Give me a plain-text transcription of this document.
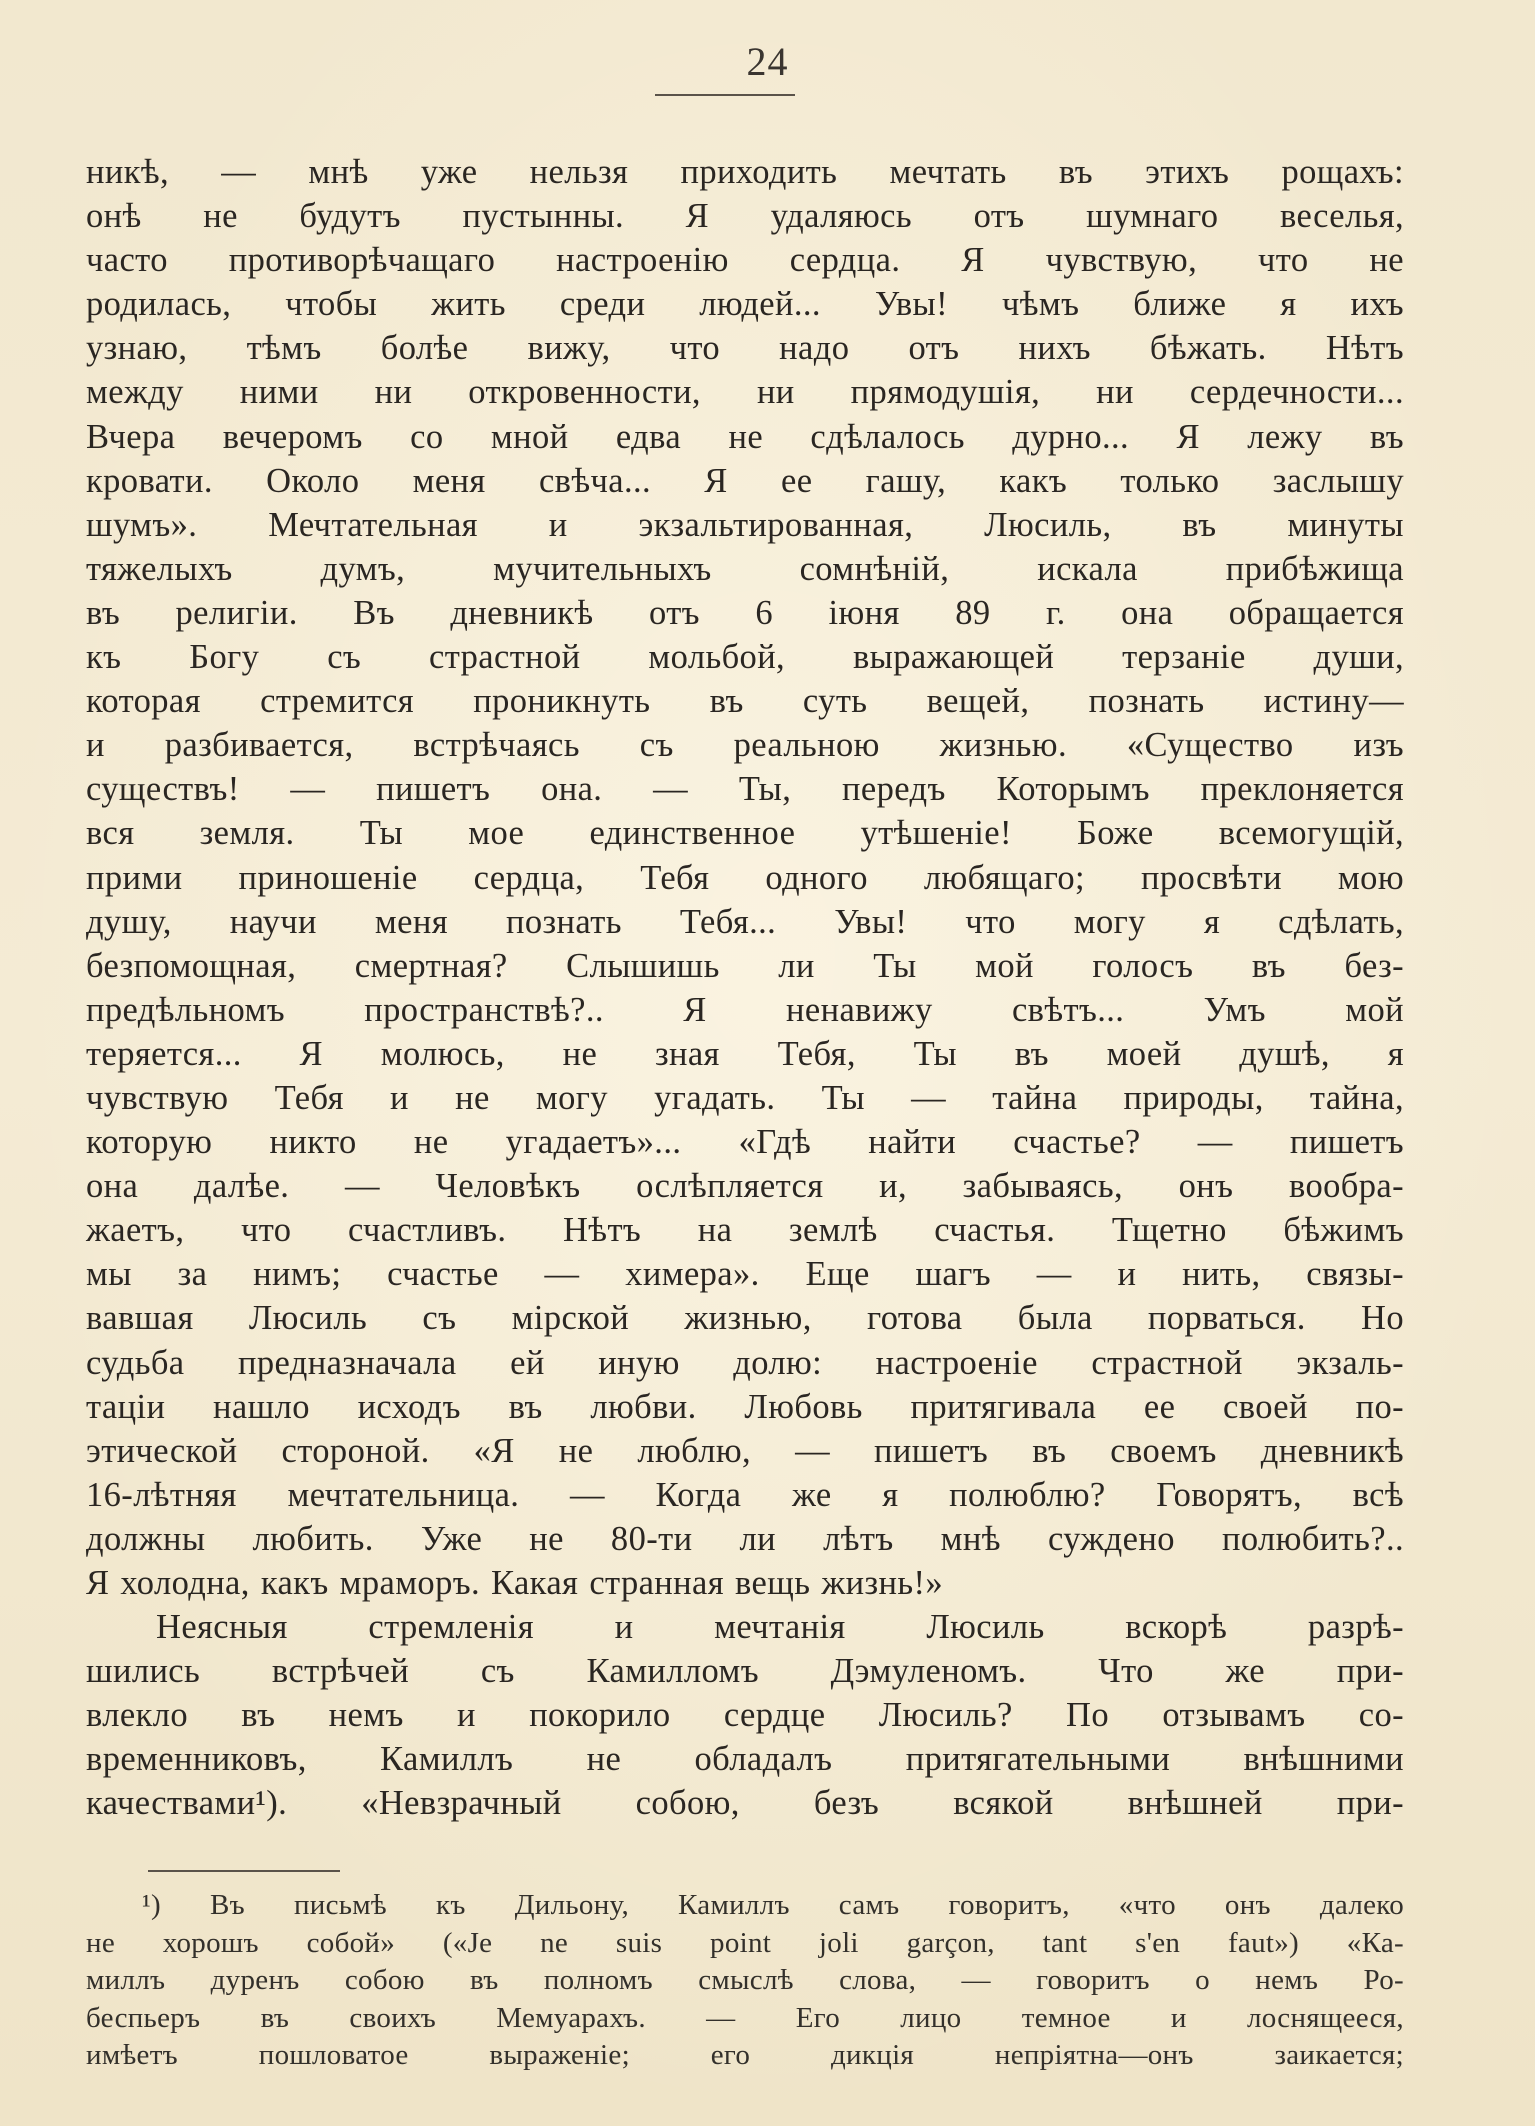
24
никѣ, — мнѣ уже нельзя приходить мечтать въ этихъ рощахъ:
онѣ не будутъ пустынны. Я удаляюсь отъ шумнаго веселья,
часто противорѣчащаго настроенію сердца. Я чувствую, что не
родилась, чтобы жить среди людей... Увы! чѣмъ ближе я ихъ
узнаю, тѣмъ болѣе вижу, что надо отъ нихъ бѣжать. Нѣтъ
между ними ни откровенности, ни прямодушія, ни сердечности...
Вчера вечеромъ со мной едва не сдѣлалось дурно... Я лежу въ
кровати. Около меня свѣча... Я ее гашу, какъ только заслышу
шумъ». Мечтательная и экзальтированная, Люсиль, въ минуты
тяжелыхъ думъ, мучительныхъ сомнѣній, искала прибѣжища
въ религіи. Въ дневникѣ отъ 6 іюня 89 г. она обращается
къ Богу съ страстной мольбой, выражающей терзаніе души,
которая стремится проникнуть въ суть вещей, познать истину—
и разбивается, встрѣчаясь съ реальною жизнью. «Существо изъ
существъ! — пишетъ она. — Ты, передъ Которымъ преклоняется
вся земля. Ты мое единственное утѣшеніе! Боже всемогущій,
прими приношеніе сердца, Тебя одного любящаго; просвѣти мою
душу, научи меня познать Тебя... Увы! что могу я сдѣлать,
безпомощная, смертная? Слышишь ли Ты мой голосъ въ без-
предѣльномъ пространствѣ?.. Я ненавижу свѣтъ... Умъ мой
теряется... Я молюсь, не зная Тебя, Ты въ моей душѣ, я
чувствую Тебя и не могу угадать. Ты — тайна природы, тайна,
которую никто не угадаетъ»... «Гдѣ найти счастье? — пишетъ
она далѣе. — Человѣкъ ослѣпляется и, забываясь, онъ вообра-
жаетъ, что счастливъ. Нѣтъ на землѣ счастья. Тщетно бѣжимъ
мы за нимъ; счастье — химера». Еще шагъ — и нить, связы-
вавшая Люсиль съ мірской жизнью, готова была порваться. Но
судьба предназначала ей иную долю: настроеніе страстной экзаль-
таціи нашло исходъ въ любви. Любовь притягивала ее своей по-
этической стороной. «Я не люблю, — пишетъ въ своемъ дневникѣ
16-лѣтняя мечтательница. — Когда же я полюблю? Говорятъ, всѣ
должны любить. Уже не 80-ти ли лѣтъ мнѣ суждено полюбить?..
Я холодна, какъ мраморъ. Какая странная вещь жизнь!»
Неясныя стремленія и мечтанія Люсиль вскорѣ разрѣ-
шились встрѣчей съ Камилломъ Дэмуленомъ. Что же при-
влекло въ немъ и покорило сердце Люсиль? По отзывамъ со-
временниковъ, Камиллъ не обладалъ притягательными внѣшними
качествами¹). «Невзрачный собою, безъ всякой внѣшней при-
¹) Въ письмѣ къ Дильону, Камиллъ самъ говоритъ, «что онъ далеко
не хорошъ собой» («Je ne suis point joli garçon, tant s'en faut») «Ка-
миллъ дуренъ собою въ полномъ смыслѣ слова, — говоритъ о немъ Ро-
беспьеръ въ своихъ Мемуарахъ. — Его лицо темное и лоснящееся,
имѣетъ пошловатое выраженіе; его дикція непріятна—онъ заикается;
